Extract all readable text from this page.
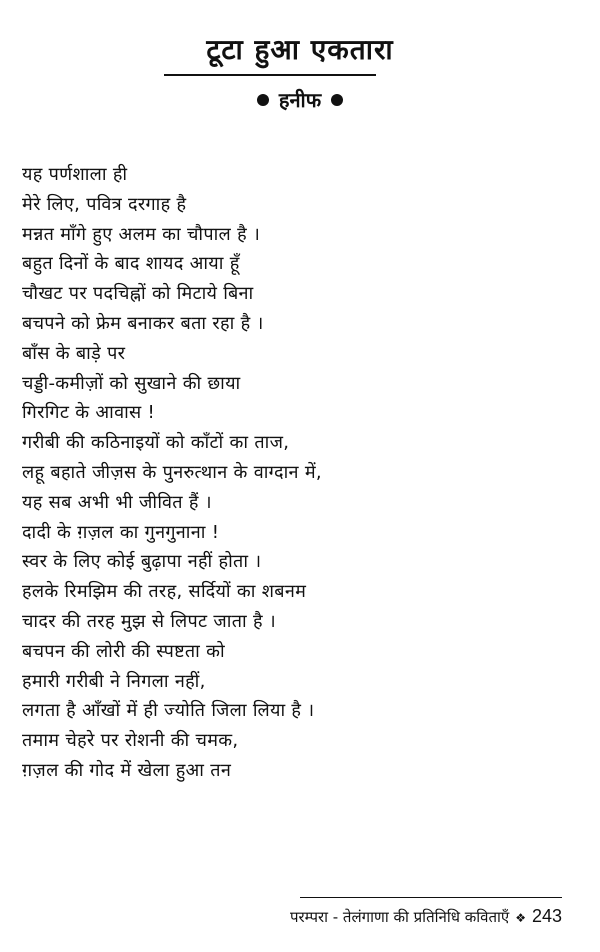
टूटा हुआ एकतारा
हनीफ
यह पर्णशाला ही
मेरे लिए, पवित्र दरगाह है
मन्नत माँगे हुए अलम का चौपाल है ।
बहुत दिनों के बाद शायद आया हूँ
चौखट पर पदचिह्नों को मिटाये बिना
बचपने को फ्रेम बनाकर बता रहा है ।
बाँस के बाड़े पर
चड्डी-कमीज़ों को सुखाने की छाया
गिरगिट के आवास !
गरीबी की कठिनाइयों को काँटों का ताज,
लहू बहाते जीज़स के पुनरुत्थान के वाग्दान में,
यह सब अभी भी जीवित हैं ।
दादी के ग़ज़ल का गुनगुनाना !
स्वर के लिए कोई बुढ़ापा नहीं होता ।
हलके रिमझिम की तरह, सर्दियों का शबनम
चादर की तरह मुझ से लिपट जाता है ।
बचपन की लोरी की स्पष्टता को
हमारी गरीबी ने निगला नहीं,
लगता है आँखों में ही ज्योति जिला लिया है ।
तमाम चेहरे पर रोशनी की चमक,
ग़ज़ल की गोद में खेला हुआ तन
परम्परा - तेलंगाणा की प्रतिनिधि कविताएँ ❖ 243
